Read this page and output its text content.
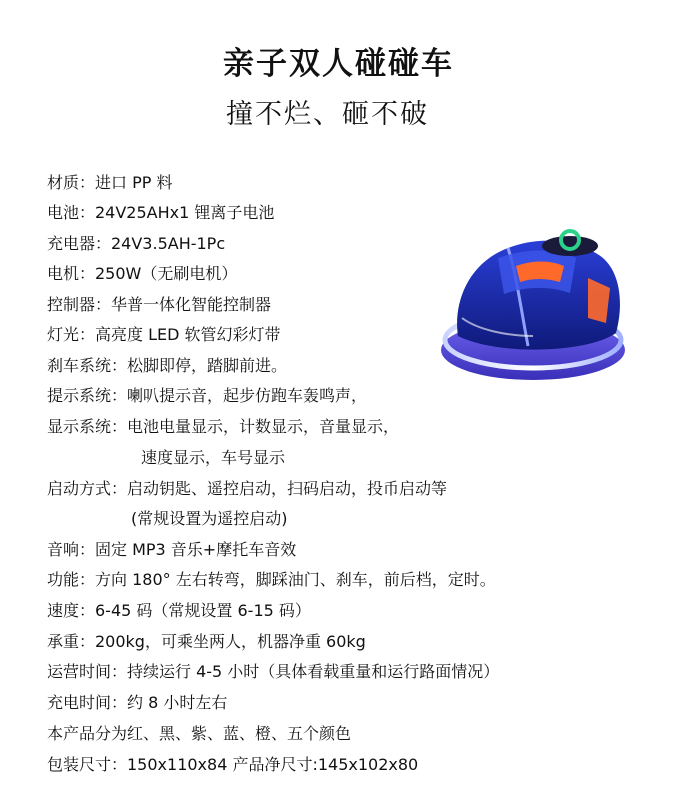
亲子双人碰碰车
撞不烂、砸不破
材质：进口 PP 料
电池：24V25AHx1 锂离子电池
充电器：24V3.5AH-1Pc
电机：250W（无刷电机）
控制器：华普一体化智能控制器
灯光：高亮度 LED 软管幻彩灯带
刹车系统：松脚即停，踏脚前进。
提示系统：喇叭提示音，起步仿跑车轰鸣声，
显示系统：电池电量显示，计数显示，音量显示，
速度显示，车号显示
启动方式：启动钥匙、遥控启动，扫码启动，投币启动等
(常规设置为遥控启动)
音响：固定 MP3 音乐+摩托车音效
功能：方向 180° 左右转弯，脚踩油门、刹车，前后档，定时。
速度：6-45 码（常规设置 6-15 码）
承重：200kg，可乘坐两人，机器净重 60kg
运营时间：持续运行 4-5 小时（具体看载重量和运行路面情况）
充电时间：约 8 小时左右
本产品分为红、黑、紫、蓝、橙、五个颜色
包装尺寸：150x110x84 产品净尺寸:145x102x80
